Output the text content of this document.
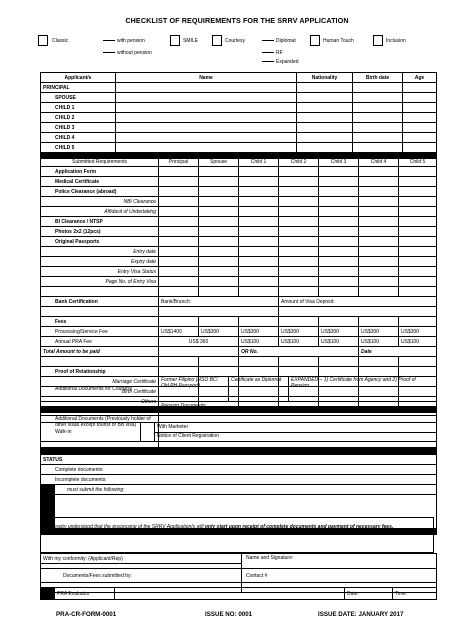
CHECKLIST OF REQUIREMENTS FOR THE SRRV APPLICATION
Classic	with pension
without pension
SMILE	Courtesy	Diplomat
RF
Expanded
Human Touch	Inclusion
Applicant/s	Name	Nationality	Birth date	Age
PRINCIPAL				
SPOUSE				
CHILD 1				
CHILD 2				
CHILD 3				
CHILD 4				
CHILD 5				

Submitted Requirements	Principal	Spouse	Child 1	Child 2	Child 3	Child 4	Child 5
Application Form							
Medical Certificate							
Police Clearance (abroad)							
NBI Clearance							
Affidavit of Undertaking							
BI Clearance / NTSP							
Photos 2x2 (12pcs)							
Original Passports							
Entry date							
Expiry date							
Entry Visa Status							
Page No. of Entry Visa							

Bank Certification	Bank/Branch:			Amount of Visa Deposit:			

Fees							
Processing/Service Fee	US$1400	US$300	US$300	US$300	US$300	US$300	US$300
Annual PRA Fee	US$ 360		US$100	US$100	US$100	US$100	US$100
Total Amount to be paid			OR No.			Date	

Proof of Relationship							
Marriage Certificate							
Birth Certificate							
Others							

Additional Documents for Courtesy	Former Filipino (NSO BC/ Old PH Passport)	Certificate as Diplomat	EXPANDED – 1) Certificate from Agency and 2) Proof of Pension
Additional Document for With Pension	Pension Documents		
Additional Documents (Previously holder of other visas except tourist or BB visa)			

Walk-in		With Marketer
Notice of Client Registration
STATUS	
Complete documents:	
Incomplete documents:	
	must submit the following:

Note:
It is hereby understood that the processing of the SRRV Application/s will only start upon receipt of complete documents and payment of necessary fees.
In case tourist visa expires during the application period, the extension costs will be shouldered by the applicant/s. Processing of SRRV application takes 15 to 20 working days.
With my conformity: (Applicant/Rep)	Name and Signature:

Documents/Fees submitted by:	Contact #

	PRA Evaluator		Date:	Time:
PRA-CR-FORM-0001	ISSUE NO: 0001	ISSUE DATE: JANUARY 2017
